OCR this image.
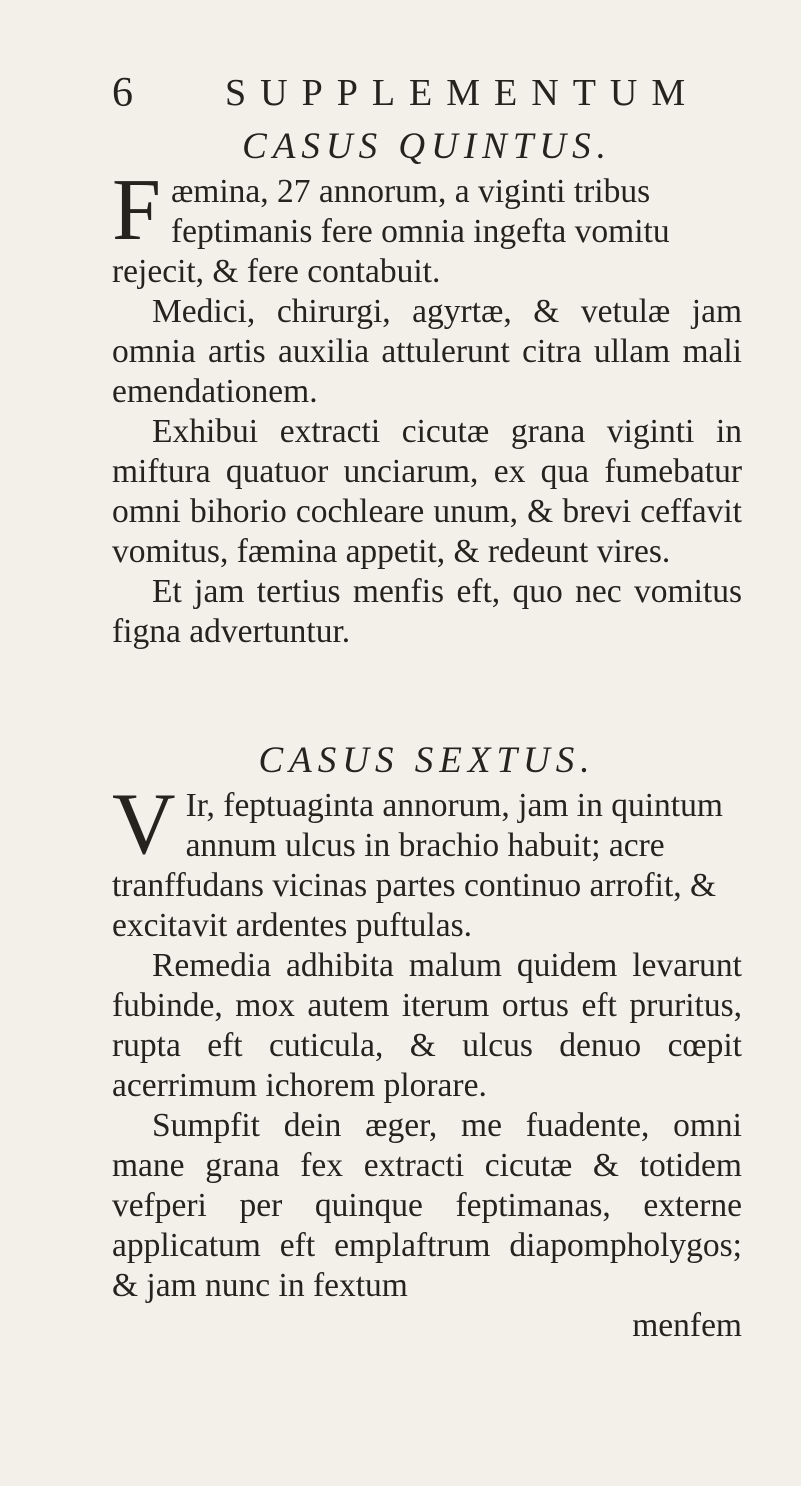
6 SUPPLEMENTUM
CASUS QUINTUS.

Fæmina, 27 annorum, a viginti tribus feptimanis fere omnia ingefta vomitu rejecit, & fere contabuit.

Medici, chirurgi, agyrtæ, & vetulæ jam omnia artis auxilia attulerunt citra ullam mali emendationem.

Exhibui extracti cicutæ grana viginti in miftura quatuor unciarum, ex qua fumebatur omni bihorio cochleare unum, & brevi ceffavit vomitus, fæmina appetit, & redeunt vires.

Et jam tertius menfis eft, quo nec vomitus figna advertuntur.

CASUS SEXTUS.

V Ir, feptuaginta annorum, jam in quintum annum ulcus in brachio habuit; acre tranffudans vicinas partes continuo arrofit, & excitavit ardentes puftulas.

Remedia adhibita malum quidem levarunt fubinde, mox autem iterum ortus eft pruritus, rupta eft cuticula, & ulcus denuo cœpit acerrimum ichorem plorare.

Sumpfit dein æger, me fuadente, omni mane grana fex extracti cicutæ & totidem vefperi per quinque feptimanas, externe applicatum eft emplaftrum diapompholygos; & jam nunc in fextum

menfem
